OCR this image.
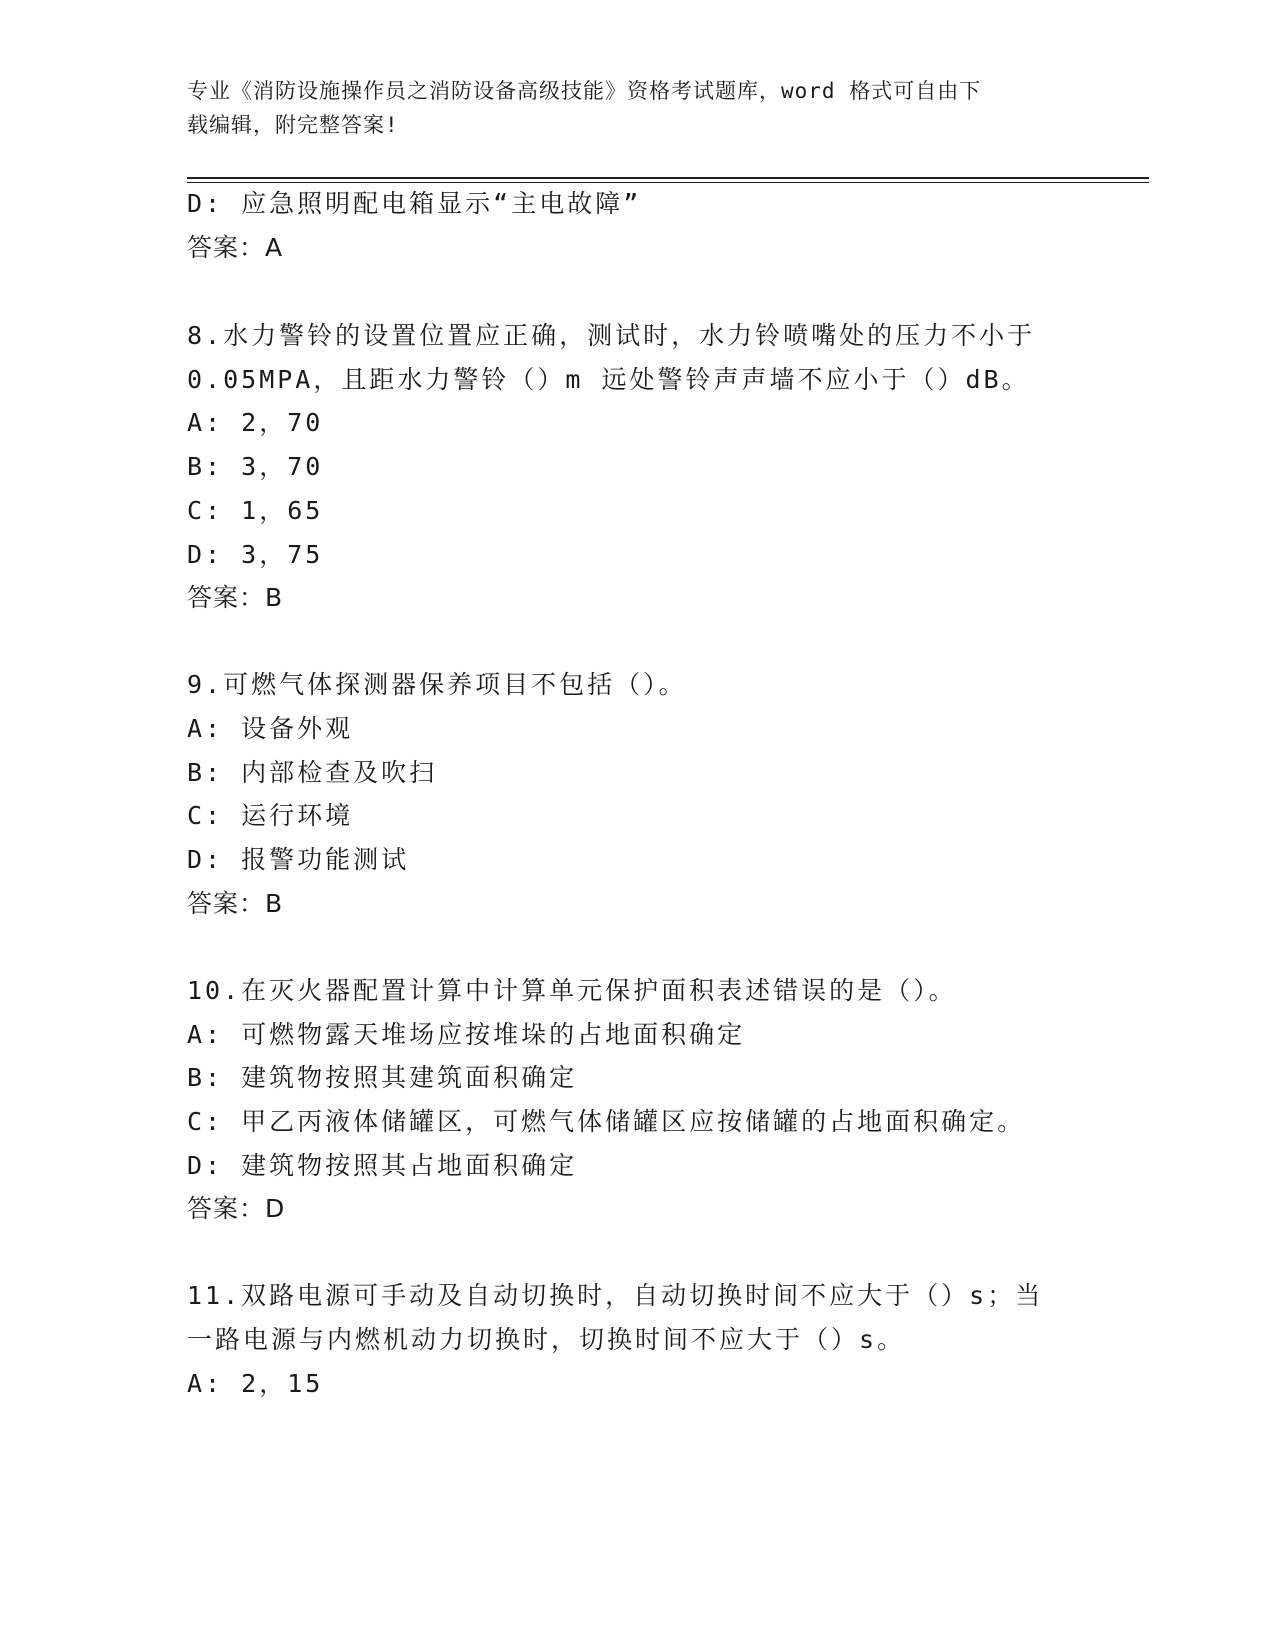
专业《消防设施操作员之消防设备高级技能》资格考试题库，word 格式可自由下
载编辑，附完整答案!
D: 应急照明配电箱显示“主电故障”
答案：A
8.水力警铃的设置位置应正确，测试时，水力铃喷嘴处的压力不小于
0.05MPA，且距水力警铃（）m 远处警铃声声墙不应小于（）dB。
A: 2，70
B: 3，70
C: 1，65
D: 3，75
答案：B
9.可燃气体探测器保养项目不包括（）。
A: 设备外观
B: 内部检查及吹扫
C: 运行环境
D: 报警功能测试
答案：B
10.在灭火器配置计算中计算单元保护面积表述错误的是（）。
A: 可燃物露天堆场应按堆垛的占地面积确定
B: 建筑物按照其建筑面积确定
C: 甲乙丙液体储罐区，可燃气体储罐区应按储罐的占地面积确定。
D: 建筑物按照其占地面积确定
答案：D
11.双路电源可手动及自动切换时，自动切换时间不应大于（）s；当
一路电源与内燃机动力切换时，切换时间不应大于（）s。
A: 2，15
